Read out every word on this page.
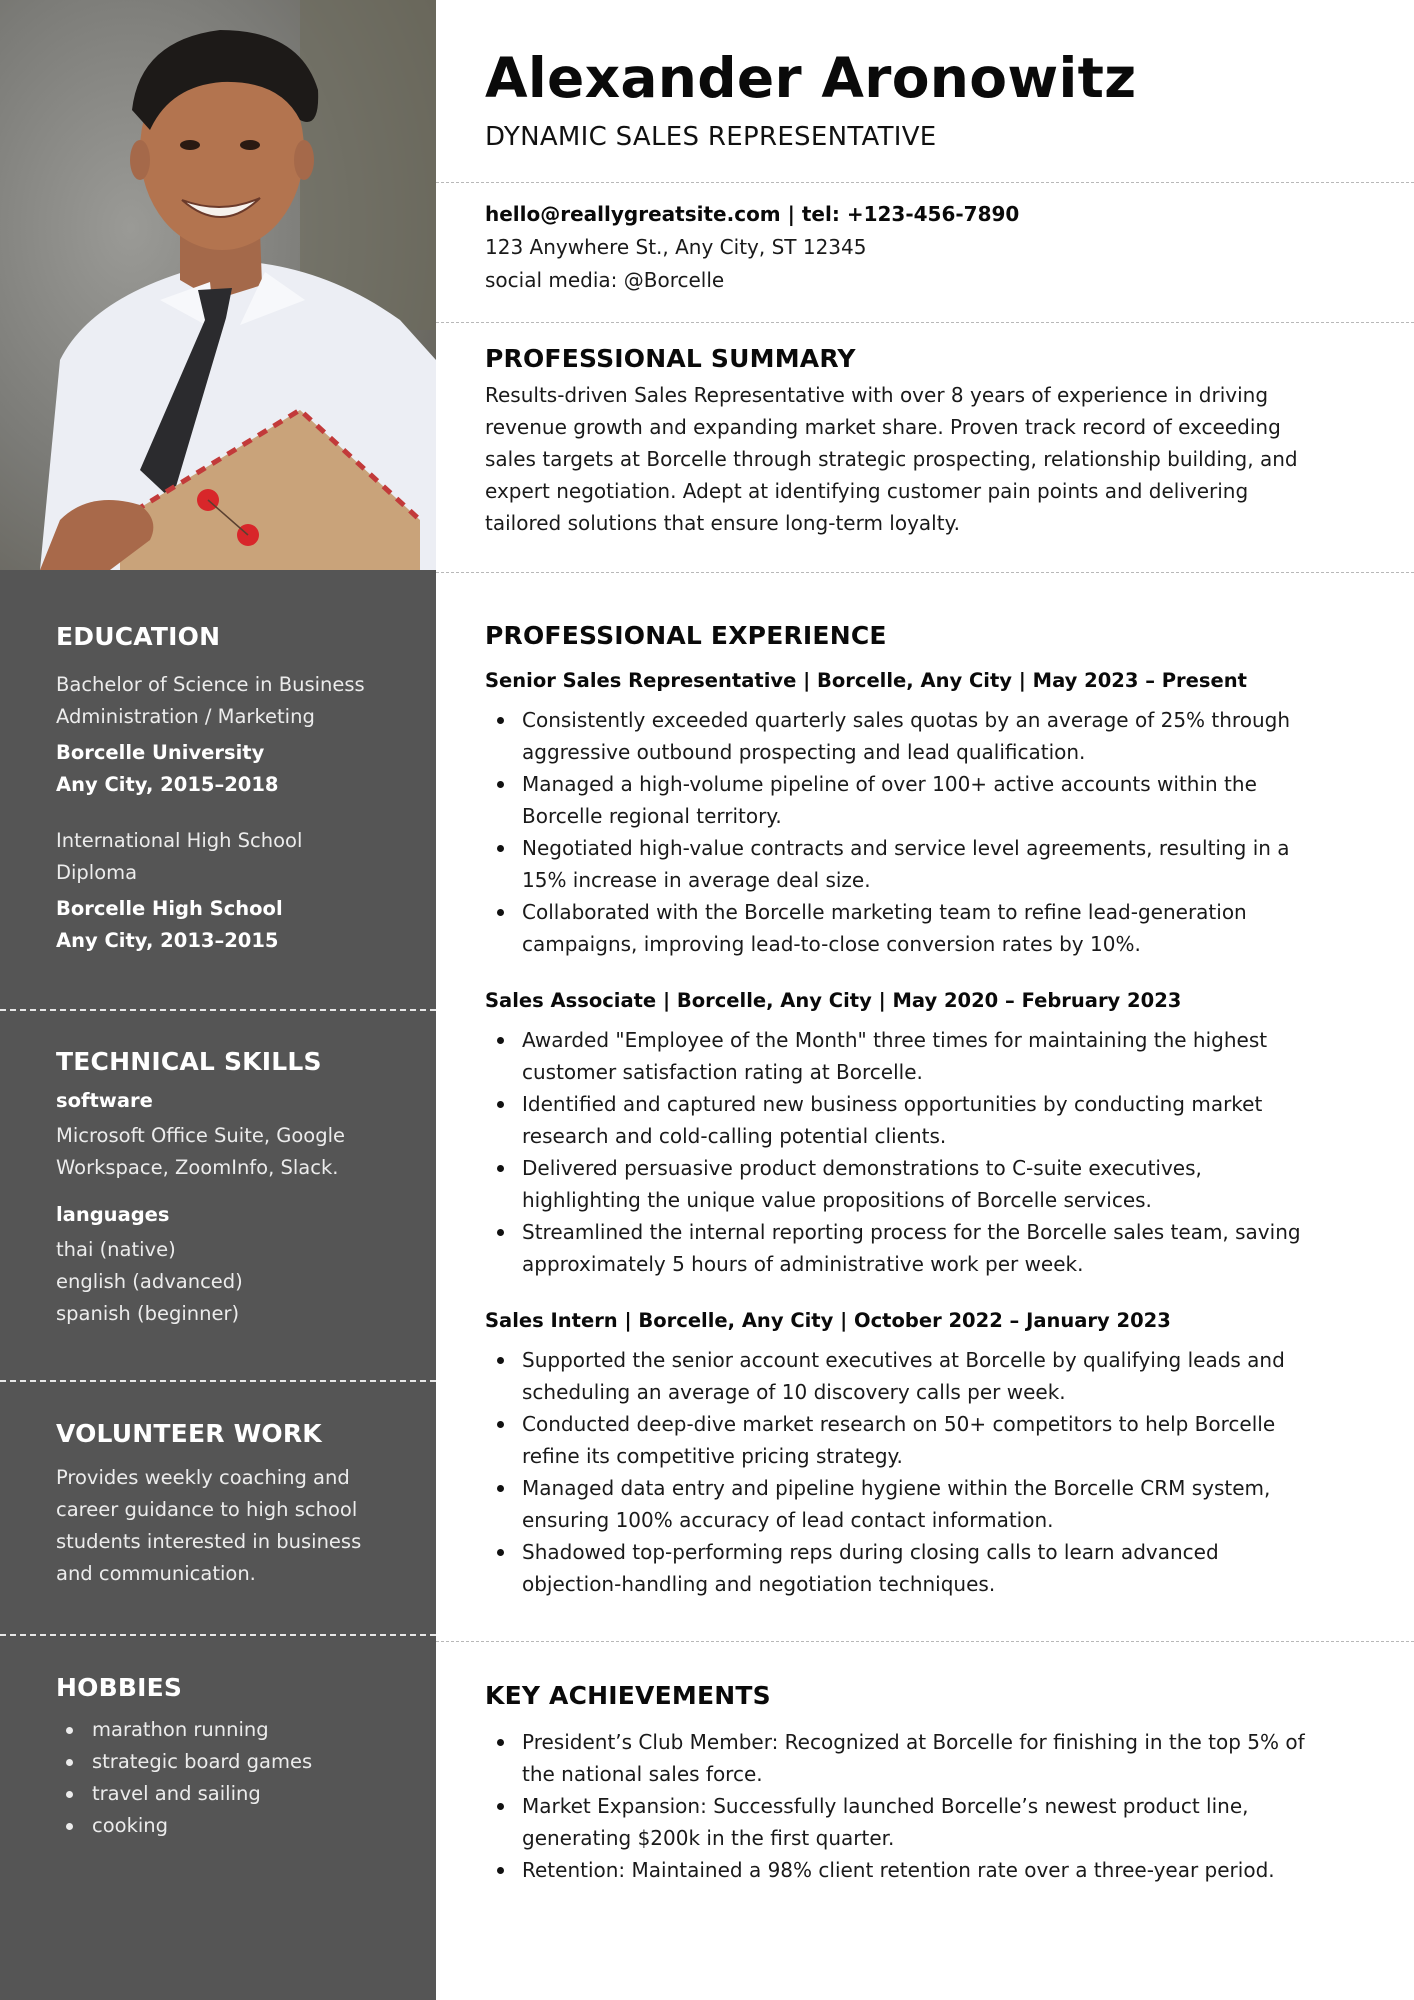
EDUCATION
Bachelor of Science in Business
Administration / Marketing
Borcelle University
Any City, 2015–2018
International High School
Diploma
Borcelle High School
Any City, 2013–2015
TECHNICAL SKILLS
software
Microsoft Office Suite, Google
Workspace, ZoomInfo, Slack.
languages
thai (native)
english (advanced)
spanish (beginner)
VOLUNTEER WORK
Provides weekly coaching and
career guidance to high school
students interested in business
and communication.
HOBBIES
marathon running
strategic board games
travel and sailing
cooking
Alexander Aronowitz
DYNAMIC SALES REPRESENTATIVE
hello@reallygreatsite.com | tel: +123-456-7890
123 Anywhere St., Any City, ST 12345
social media: @Borcelle
PROFESSIONAL SUMMARY
Results-driven Sales Representative with over 8 years of experience in driving
revenue growth and expanding market share. Proven track record of exceeding
sales targets at Borcelle through strategic prospecting, relationship building, and
expert negotiation. Adept at identifying customer pain points and delivering
tailored solutions that ensure long-term loyalty.
PROFESSIONAL EXPERIENCE
Senior Sales Representative | Borcelle, Any City | May 2023 – Present
Consistently exceeded quarterly sales quotas by an average of 25% through
aggressive outbound prospecting and lead qualification.
Managed a high-volume pipeline of over 100+ active accounts within the
Borcelle regional territory.
Negotiated high-value contracts and service level agreements, resulting in a
15% increase in average deal size.
Collaborated with the Borcelle marketing team to refine lead-generation
campaigns, improving lead-to-close conversion rates by 10%.
Sales Associate | Borcelle, Any City | May 2020 – February 2023
Awarded "Employee of the Month" three times for maintaining the highest
customer satisfaction rating at Borcelle.
Identified and captured new business opportunities by conducting market
research and cold-calling potential clients.
Delivered persuasive product demonstrations to C-suite executives,
highlighting the unique value propositions of Borcelle services.
Streamlined the internal reporting process for the Borcelle sales team, saving
approximately 5 hours of administrative work per week.
Sales Intern | Borcelle, Any City | October 2022 – January 2023
Supported the senior account executives at Borcelle by qualifying leads and
scheduling an average of 10 discovery calls per week.
Conducted deep-dive market research on 50+ competitors to help Borcelle
refine its competitive pricing strategy.
Managed data entry and pipeline hygiene within the Borcelle CRM system,
ensuring 100% accuracy of lead contact information.
Shadowed top-performing reps during closing calls to learn advanced
objection-handling and negotiation techniques.
KEY ACHIEVEMENTS
President’s Club Member: Recognized at Borcelle for finishing in the top 5% of
the national sales force.
Market Expansion: Successfully launched Borcelle’s newest product line,
generating $200k in the first quarter.
Retention: Maintained a 98% client retention rate over a three-year period.
